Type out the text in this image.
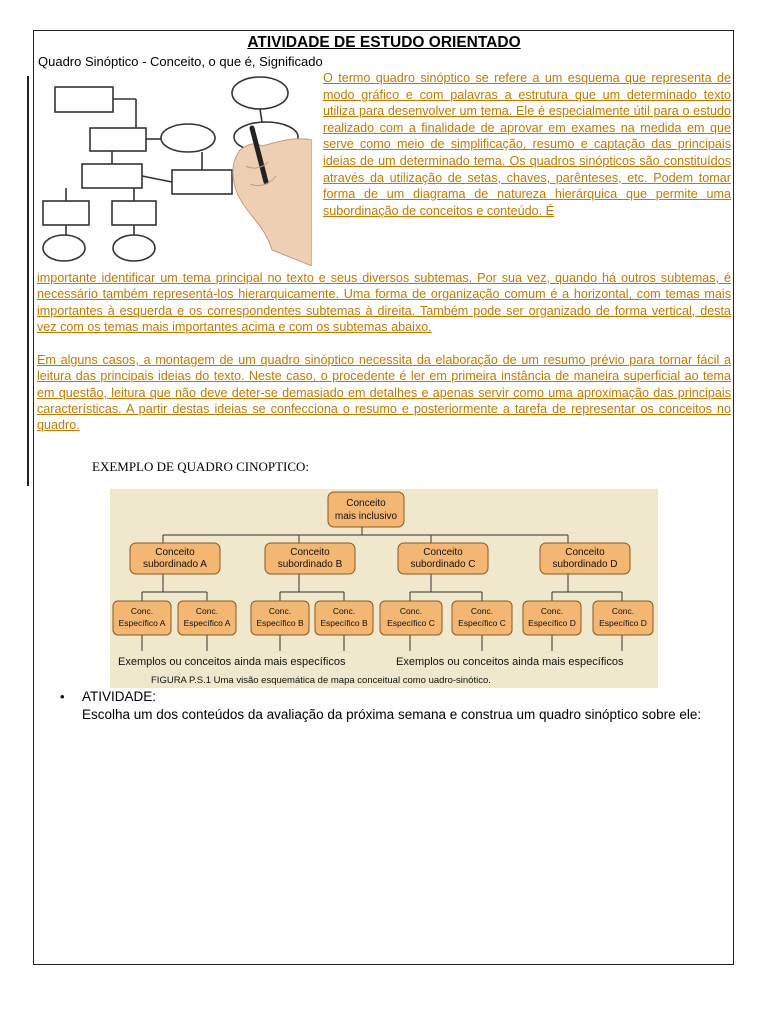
ATIVIDADE DE ESTUDO ORIENTADO
Quadro Sinóptico - Conceito, o que é, Significado

O termo quadro sinóptico se refere a um esquema que representa de modo gráfico e com palavras a estrutura que um determinado texto utiliza para desenvolver um tema. Ele é especialmente útil para o estudo realizado com a finalidade de aprovar em exames na medida em que serve como meio de simplificação, resumo e captação das principais ideias de um determinado tema. Os quadros sinópticos são constituídos através da utilização de setas, chaves, parênteses, etc. Podem tomar forma de um diagrama de natureza hierárquica que permite uma subordinação de conceitos e conteúdo. É

importante identificar um tema principal no texto e seus diversos subtemas. Por sua vez, quando há outros subtemas, é necessário também representá-los hierarquicamente. Uma forma de organização comum é a horizontal, com temas mais importantes à esquerda e os correspondentes subtemas à direita. Também pode ser organizado de forma vertical, desta vez com os temas mais importantes acima e com os subtemas abaixo.

Em alguns casos, a montagem de um quadro sinóptico necessita da elaboração de um resumo prévio para tornar fácil a leitura das principais ideias do texto. Neste caso, o procedente é ler em primeira instância de maneira superficial ao tema em questão, leitura que não deve deter-se demasiado em detalhes e apenas servir como uma aproximação das principais características. A partir destas ideias se confecciona o resumo e posteriormente a tarefa de representar os conceitos no quadro.

EXEMPLO DE QUADRO CINOPTICO:
Conceito
mais inclusivo
Conceito
subordinado A
Conceito
subordinado B
Conceito
subordinado C
Conceito
subordinado D
Conc.
Específico A
Conc.
Específico A
Conc.
Específico B
Conc.
Específico B
Conc.
Específico C
Conc.
Específico C
Conc.
Específico D
Conc.
Específico D
Exemplos ou conceitos ainda mais específicos	Exemplos ou conceitos ainda mais específicos
FIGURA P.S.1 Uma visão esquemática de mapa conceitual como uadro-sinótico.
• ATIVIDADE:

Escolha um dos conteúdos da avaliação da próxima semana e construa um quadro sinóptico sobre ele:
